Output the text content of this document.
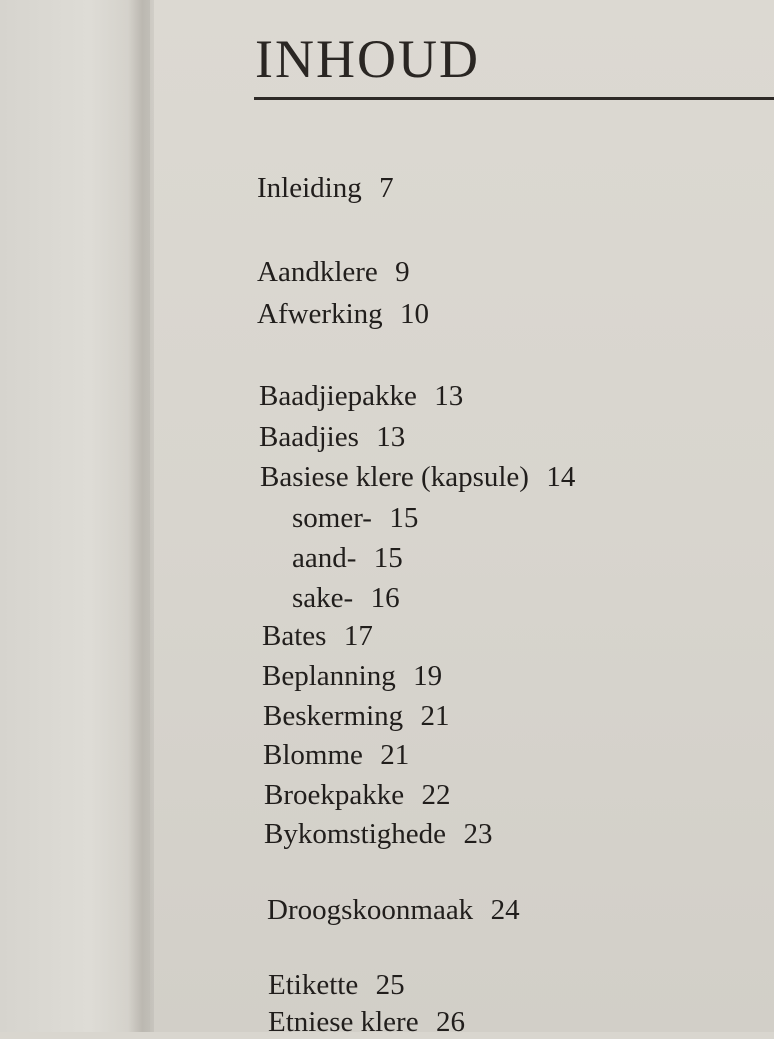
INHOUD
Inleiding 7
Aandklere 9
Afwerking 10
Baadjiepakke 13
Baadjies 13
Basiese klere (kapsule) 14
somer- 15
aand- 15
sake- 16
Bates 17
Beplanning 19
Beskerming 21
Blomme 21
Broekpakke 22
Bykomstighede 23
Droogskoonmaak 24
Etikette 25
Etniese klere 26
